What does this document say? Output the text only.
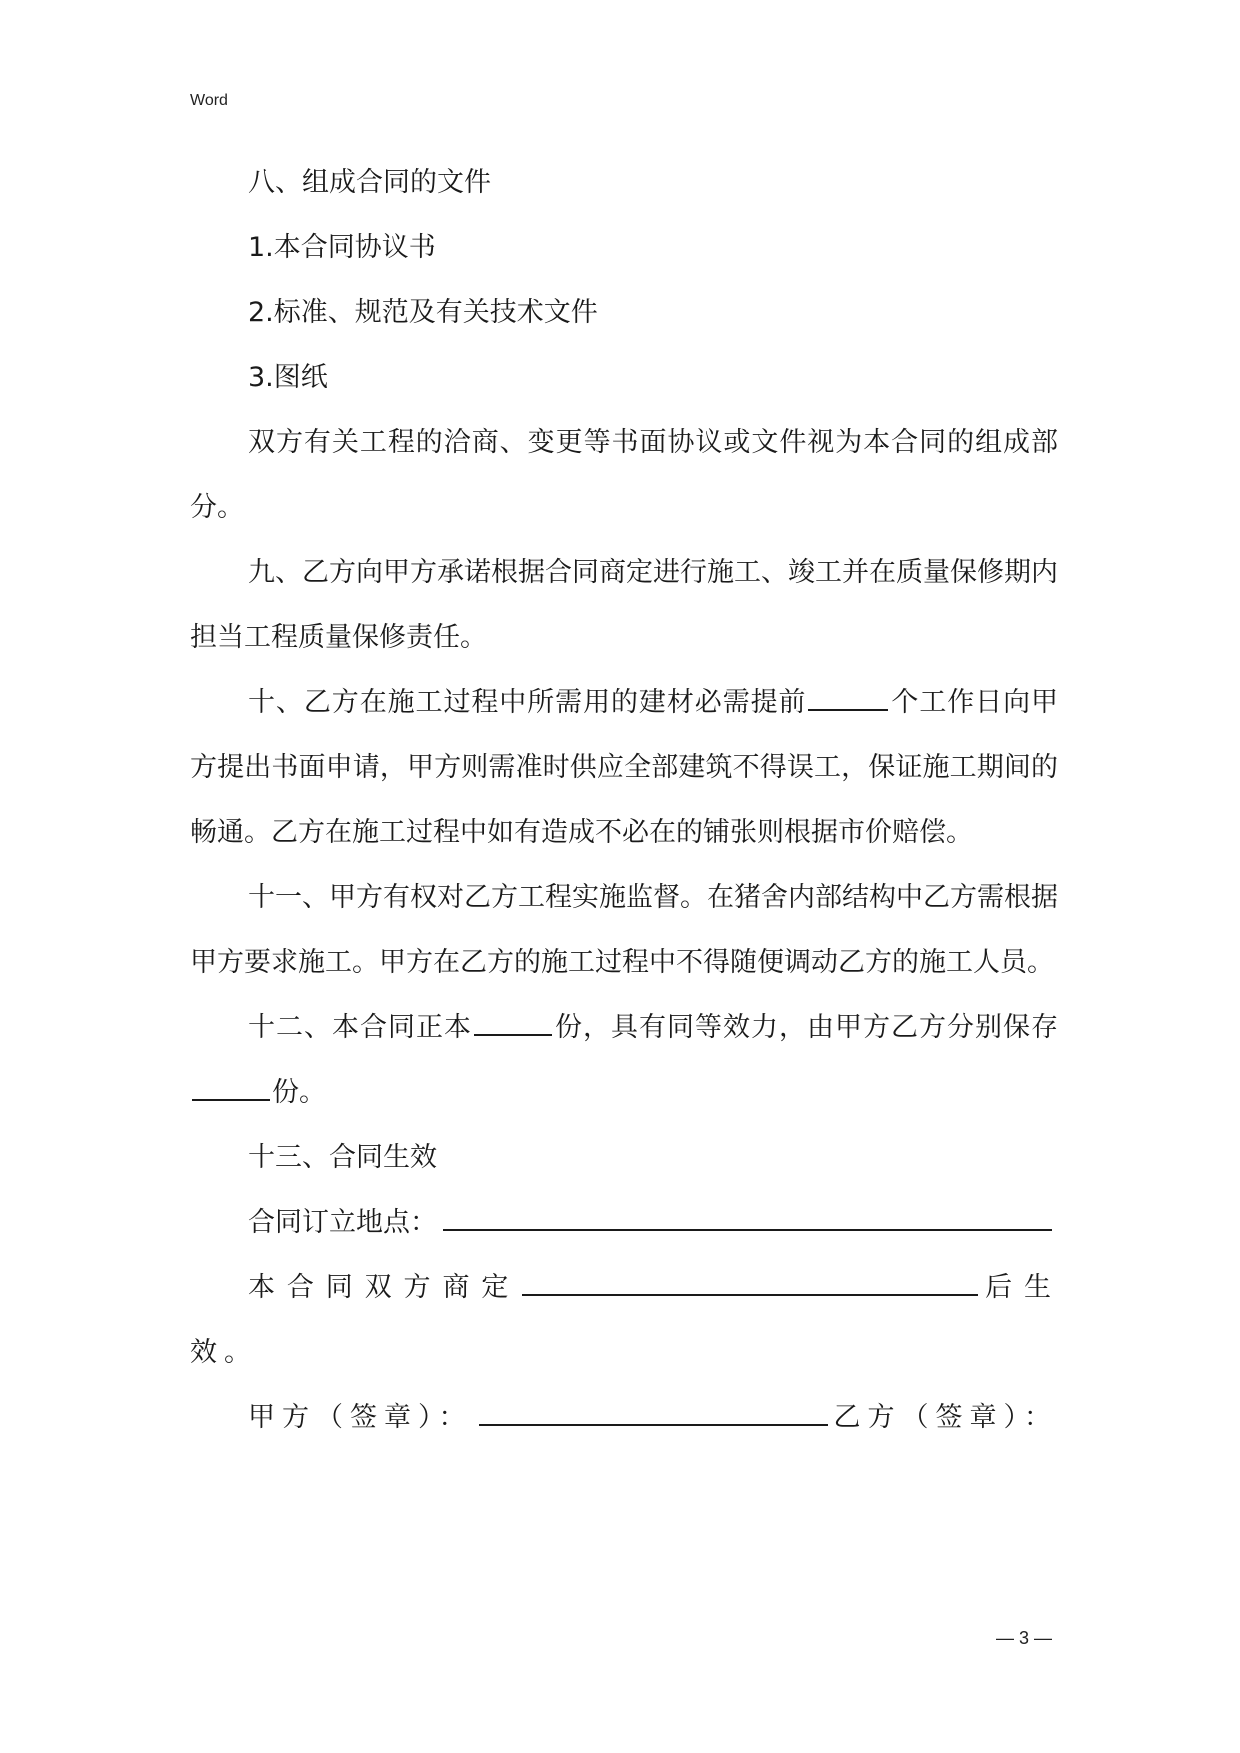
Word

八、组成合同的文件

1.本合同协议书

2.标准、规范及有关技术文件

3.图纸

双方有关工程的洽商、变更等书面协议或文件视为本合同的组成部分。

九、乙方向甲方承诺根据合同商定进行施工、竣工并在质量保修期内担当工程质量保修责任。

十、乙方在施工过程中所需用的建材必需提前	个工作日向甲方提出书面申请，甲方则需准时供应全部建筑不得误工，保证施工期间的畅通。乙方在施工过程中如有造成不必在的铺张则根据市价赔偿。

十一、甲方有权对乙方工程实施监督。在猪舍内部结构中乙方需根据甲方要求施工。甲方在乙方的施工过程中不得随便调动乙方的施工人员。

十二、本合同正本	份，具有同等效力，由甲方乙方分别保存份。

十三、合同生效

合同订立地点：

本合同双方商定	后生效。

甲方（签章）：	乙方（签章）：
— 3 —
